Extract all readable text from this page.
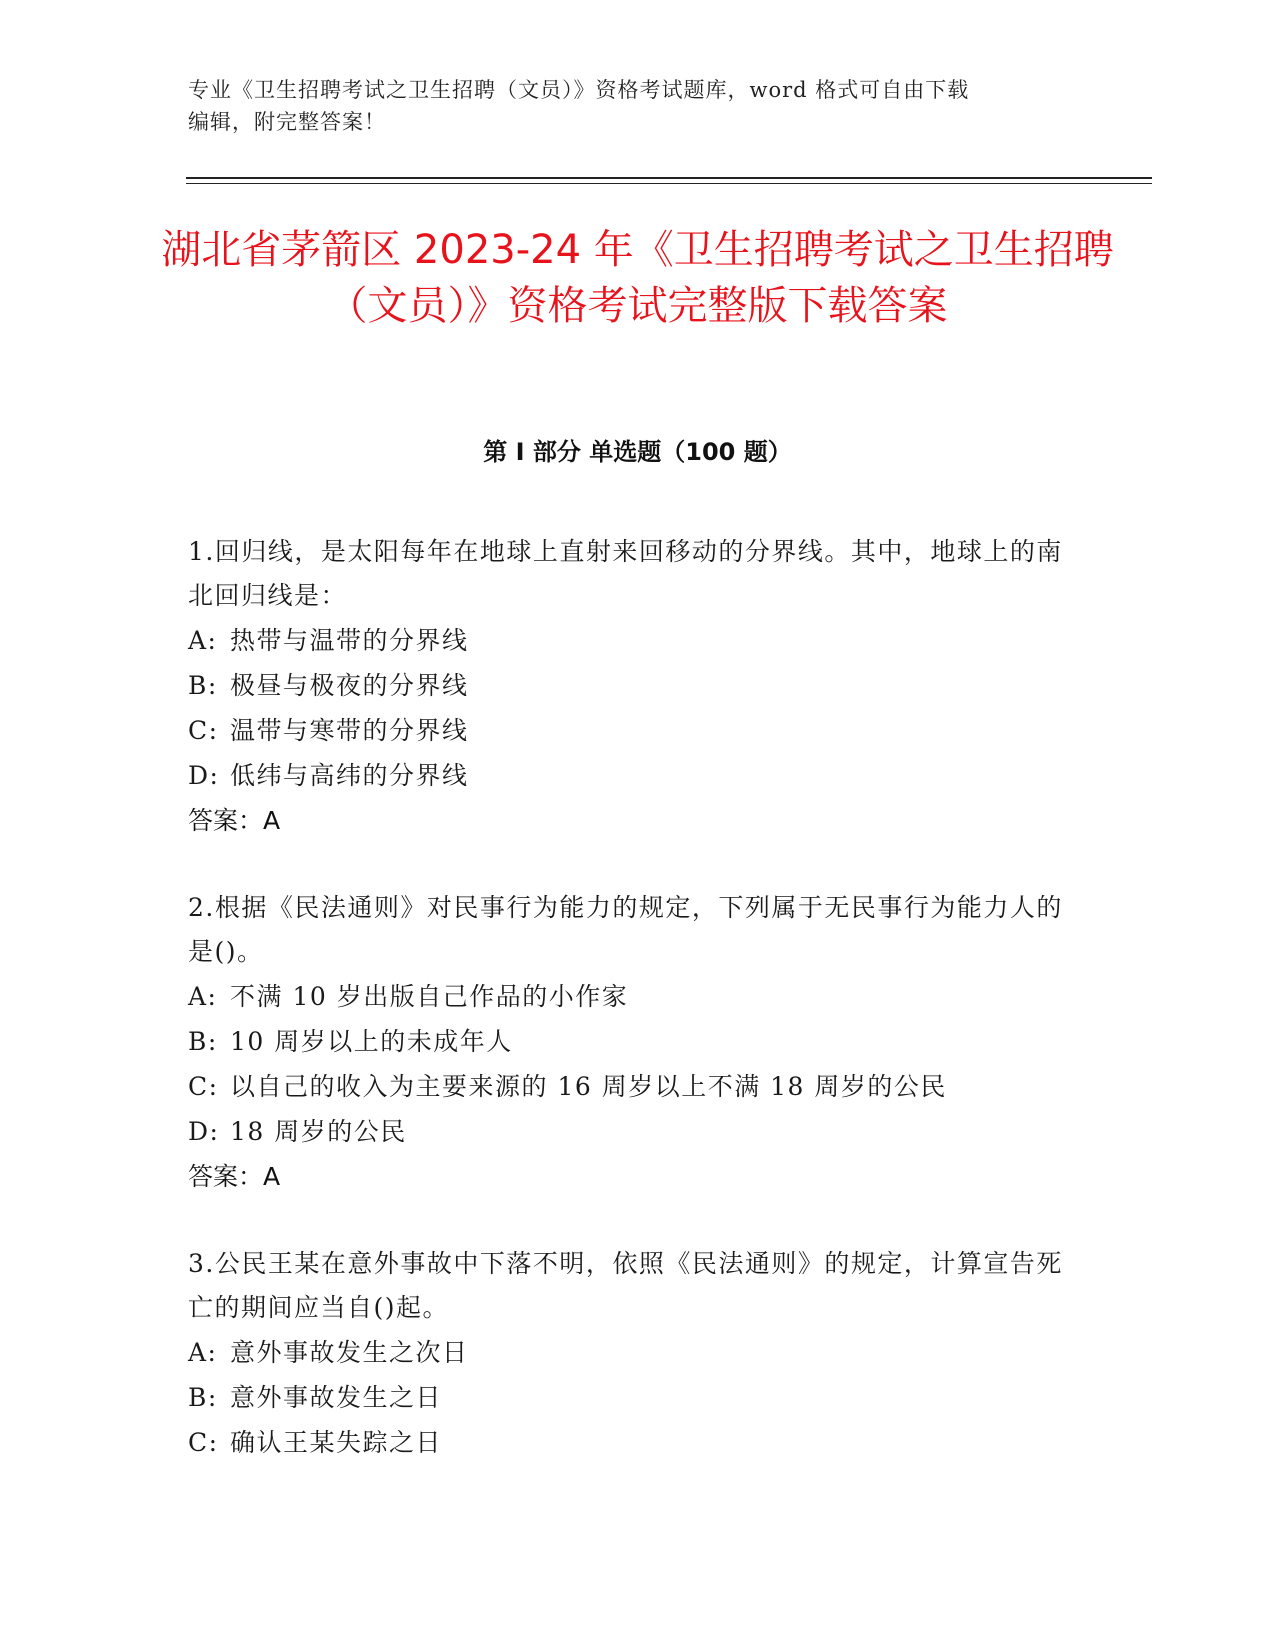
专业《卫生招聘考试之卫生招聘（文员）》资格考试题库，word 格式可自由下载
编辑，附完整答案！
湖北省茅箭区 2023-24 年《卫生招聘考试之卫生招聘（文员）》资格考试完整版下载答案
第 I 部分 单选题（100 题）

1.回归线，是太阳每年在地球上直射来回移动的分界线。其中，地球上的南北回归线是：

A: 热带与温带的分界线
B: 极昼与极夜的分界线
C: 温带与寒带的分界线
D: 低纬与高纬的分界线

答案：A

2.根据《民法通则》对民事行为能力的规定，下列属于无民事行为能力人的是()。

A: 不满 10 岁出版自己作品的小作家
B: 10 周岁以上的未成年人
C: 以自己的收入为主要来源的 16 周岁以上不满 18 周岁的公民
D: 18 周岁的公民

答案：A

3.公民王某在意外事故中下落不明，依照《民法通则》的规定，计算宣告死亡的期间应当自()起。

A: 意外事故发生之次日
B: 意外事故发生之日
C: 确认王某失踪之日
